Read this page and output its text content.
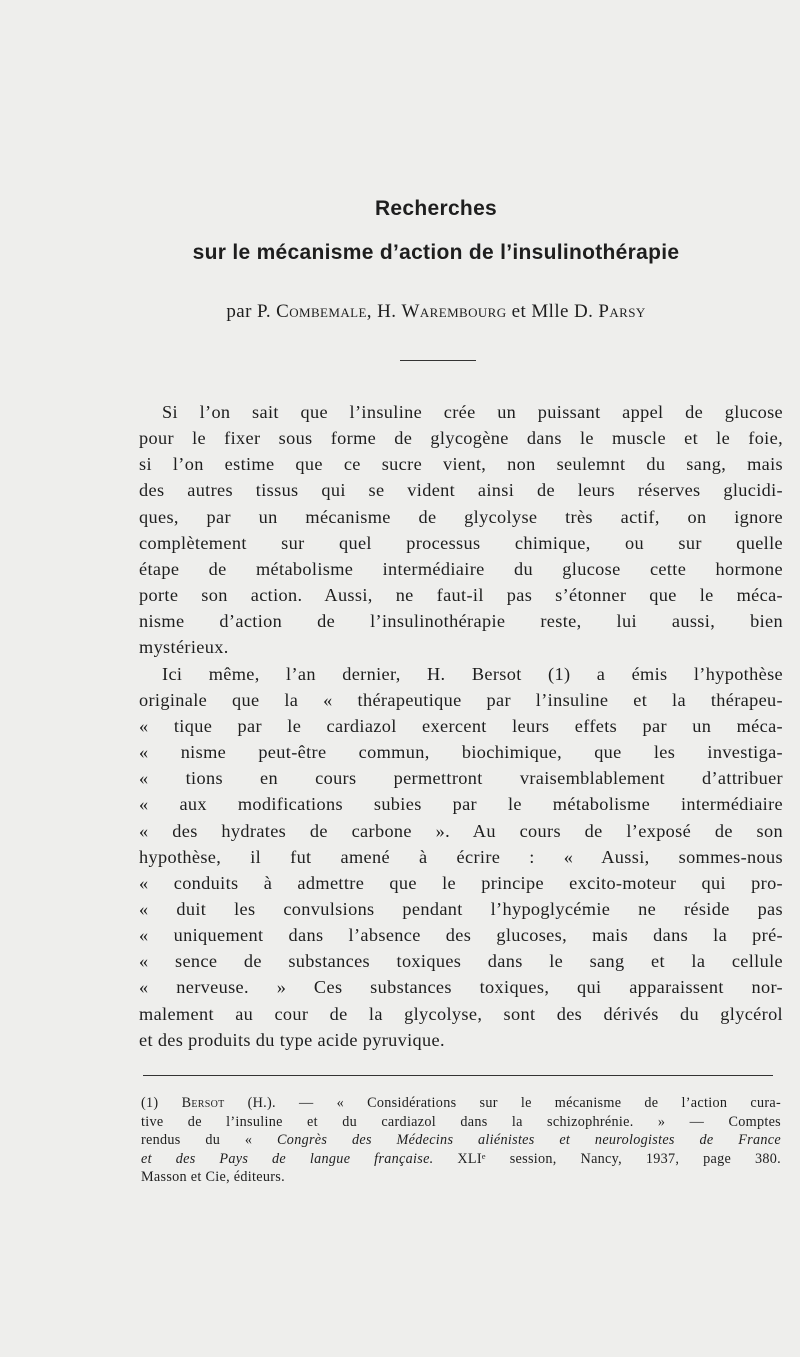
Recherches
sur le mécanisme d’action de l’insulinothérapie
par P. Combemale, H. Warembourg et Mlle D. Parsy

Si l’on sait que l’insuline crée un puissant appel de glucose

pour le fixer sous forme de glycogène dans le muscle et le foie,

si l’on estime que ce sucre vient, non seulemnt du sang, mais

des autres tissus qui se vident ainsi de leurs réserves glucidi-

ques, par un mécanisme de glycolyse très actif, on ignore

complètement sur quel processus chimique, ou sur quelle

étape de métabolisme intermédiaire du glucose cette hormone

porte son action. Aussi, ne faut-il pas s’étonner que le méca-

nisme d’action de l’insulinothérapie reste, lui aussi, bien

mystérieux.

Ici même, l’an dernier, H. Bersot (1) a émis l’hypothèse

originale que la « thérapeutique par l’insuline et la thérapeu-

« tique par le cardiazol exercent leurs effets par un méca-

« nisme peut-être commun, biochimique, que les investiga-

« tions en cours permettront vraisemblablement d’attribuer

« aux modifications subies par le métabolisme intermédiaire

« des hydrates de carbone ». Au cours de l’exposé de son

hypothèse, il fut amené à écrire : « Aussi, sommes-nous

« conduits à admettre que le principe excito-moteur qui pro-

« duit les convulsions pendant l’hypoglycémie ne réside pas

« uniquement dans l’absence des glucoses, mais dans la pré-

« sence de substances toxiques dans le sang et la cellule

« nerveuse. » Ces substances toxiques, qui apparaissent nor-

malement au cour de la glycolyse, sont des dérivés du glycérol

et des produits du type acide pyruvique.

(1) Bersot (H.). — « Considérations sur le mécanisme de l’action cura-

tive de l’insuline et du cardiazol dans la schizophrénie. » — Comptes

rendus du « Congrès des Médecins aliénistes et neurologistes de France

et des Pays de langue française. XLIᵉ session, Nancy, 1937, page 380.

Masson et Cie, éditeurs.
